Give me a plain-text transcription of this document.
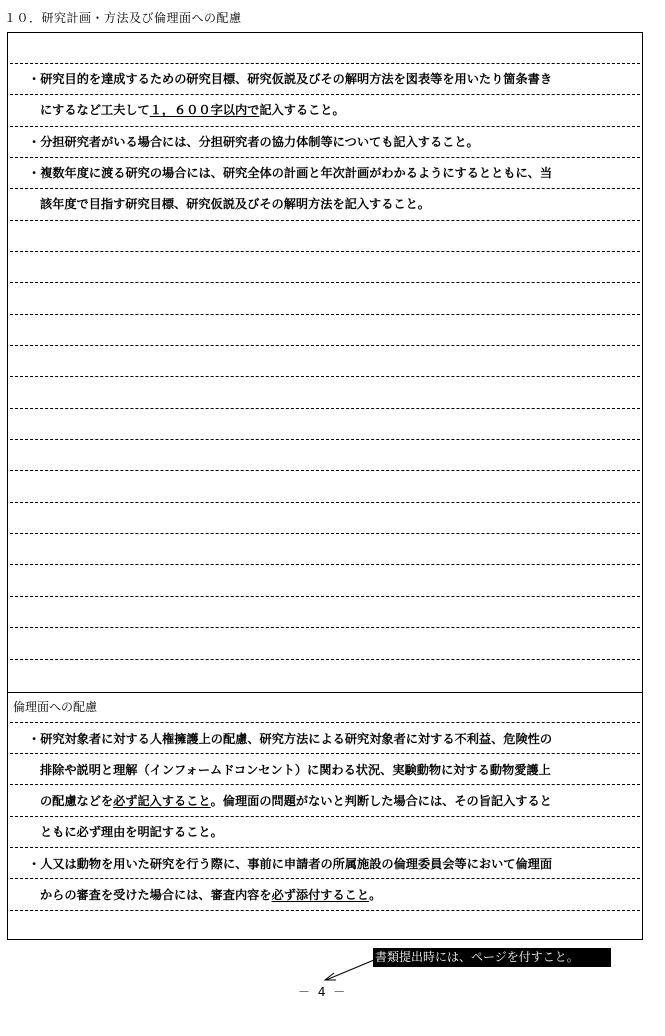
１０．研究計画・方法及び倫理面への配慮
・研究目的を達成するための研究目標、研究仮説及びその解明方法を図表等を用いたり箇条書き
にするなど工夫して１，６００字以内で記入すること。
・分担研究者がいる場合には、分担研究者の協力体制等についても記入すること。
・複数年度に渡る研究の場合には、研究全体の計画と年次計画がわかるようにするとともに、当
該年度で目指す研究目標、研究仮説及びその解明方法を記入すること。
倫理面への配慮
・研究対象者に対する人権擁護上の配慮、研究方法による研究対象者に対する不利益、危険性の
排除や説明と理解（インフォームドコンセント）に関わる状況、実験動物に対する動物愛護上
の配慮などを必ず記入すること。倫理面の問題がないと判断した場合には、その旨記入すると
ともに必ず理由を明記すること。
・人又は動物を用いた研究を行う際に、事前に申請者の所属施設の倫理委員会等において倫理面
からの審査を受けた場合には、審査内容を必ず添付すること。
書類提出時には、ページを付すこと。
－ 4 －
